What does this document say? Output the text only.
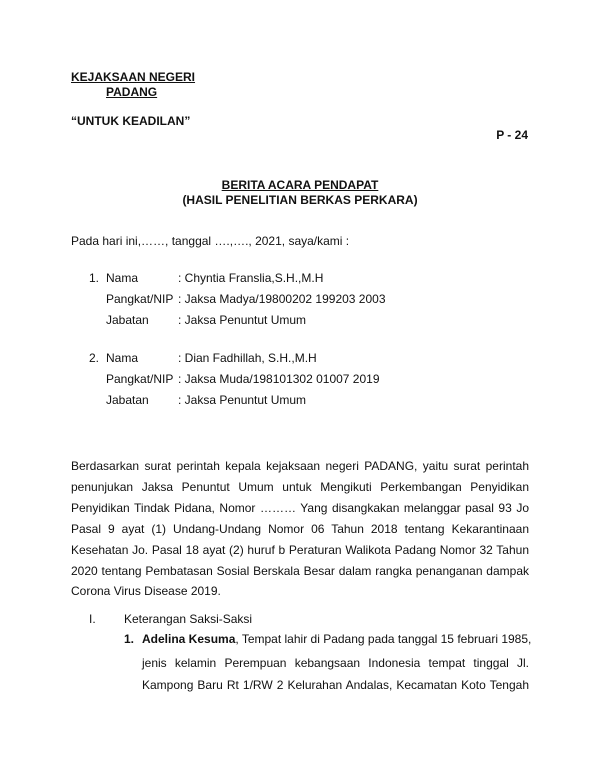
KEJAKSAAN NEGERI
PADANG
“UNTUK KEADILAN”
P - 24
BERITA ACARA PENDAPAT
(HASIL PENELITIAN BERKAS PERKARA)
Pada hari ini,……, tanggal ….,…., 2021, saya/kami :
1. Nama	: Chyntia Franslia,S.H.,M.H
Pangkat/NIP : Jaksa Madya/19800202 199203 2003
Jabatan : Jaksa Penuntut Umum
2. Nama	: Dian Fadhillah, S.H.,M.H
Pangkat/NIP : Jaksa Muda/198101302 01007 2019
Jabatan : Jaksa Penuntut Umum
Berdasarkan surat perintah kepala kejaksaan negeri PADANG, yaitu surat perintah
penunjukan Jaksa Penuntut Umum untuk Mengikuti Perkembangan Penyidikan
Penyidikan Tindak Pidana, Nomor ……… Yang disangkakan melanggar pasal 93 Jo
Pasal 9 ayat (1) Undang-Undang Nomor 06 Tahun 2018 tentang Kekarantinaan
Kesehatan Jo. Pasal 18 ayat (2) huruf b Peraturan Walikota Padang Nomor 32 Tahun
2020 tentang Pembatasan Sosial Berskala Besar dalam rangka penanganan dampak
Corona Virus Disease 2019.
I. Keterangan Saksi-Saksi
1. Adelina Kesuma, Tempat lahir di Padang pada tanggal 15 februari 1985,
jenis kelamin Perempuan kebangsaan Indonesia tempat tinggal Jl.
Kampong Baru Rt 1/RW 2 Kelurahan Andalas, Kecamatan Koto Tengah
